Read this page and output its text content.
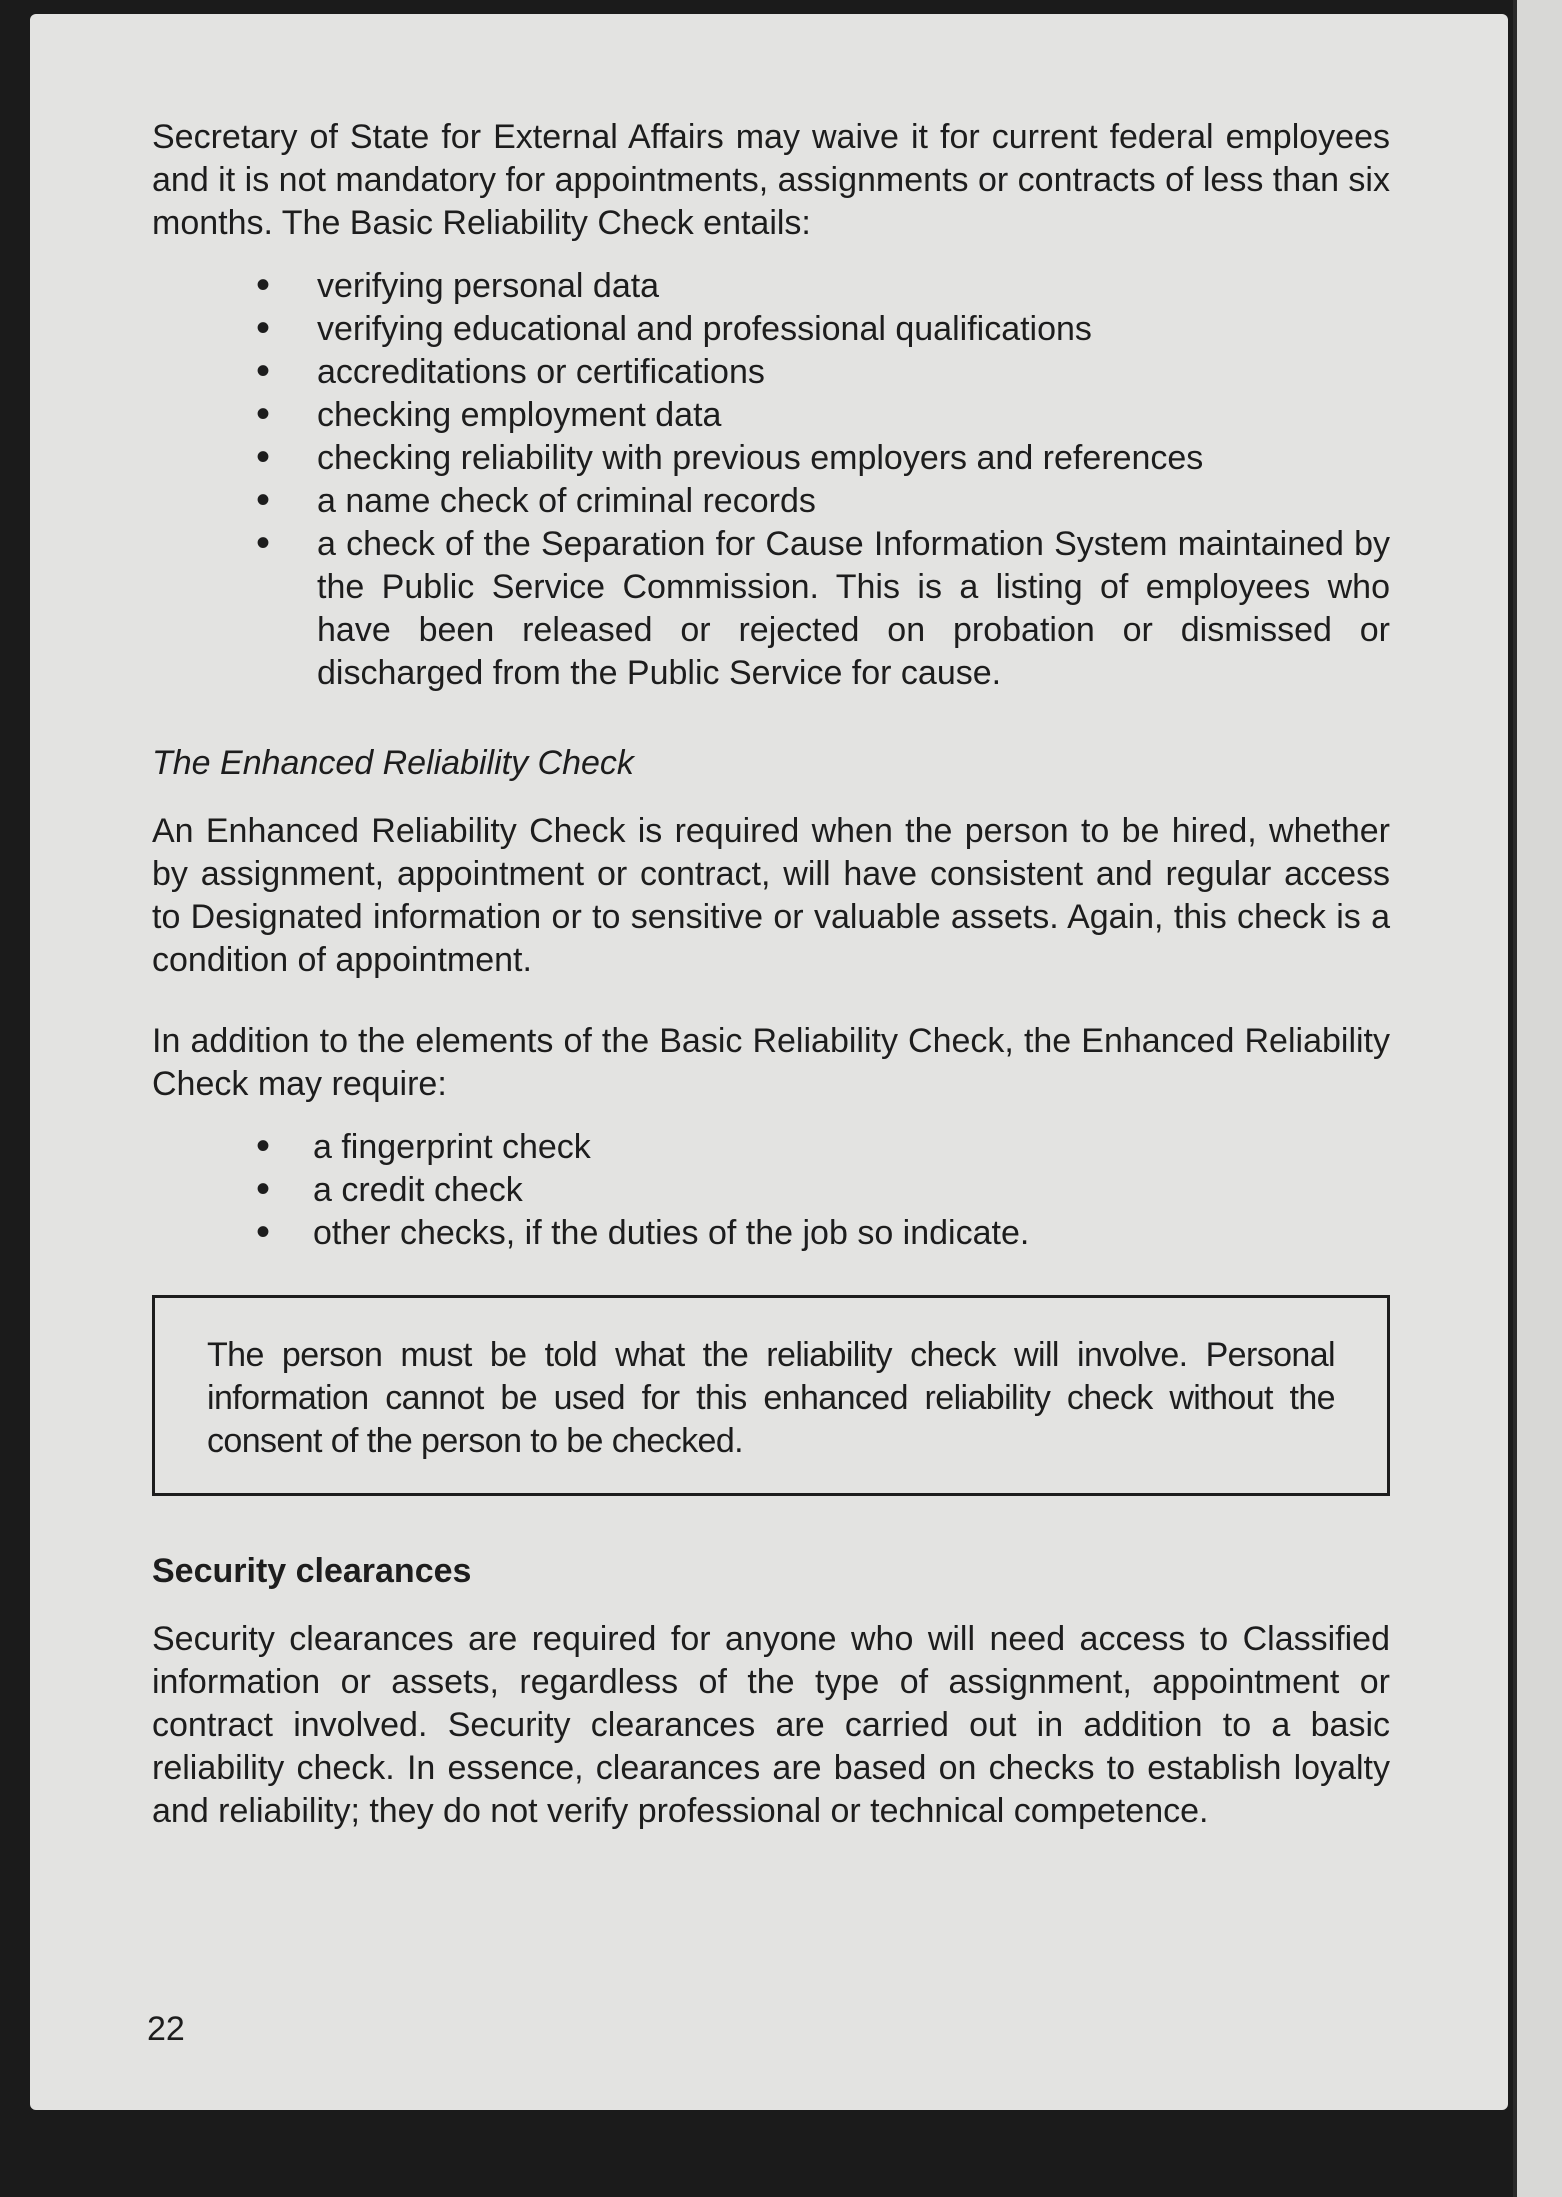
Secretary of State for External Affairs may waive it for current federal employees and it is not mandatory for appointments, assignments or contracts of less than six months. The Basic Reliability Check entails:

• verifying personal data
• verifying educational and professional qualifications
• accreditations or certifications
• checking employment data
• checking reliability with previous employers and references
• a name check of criminal records
• a check of the Separation for Cause Information System maintained by the Public Service Commission. This is a listing of employees who have been released or rejected on probation or dismissed or discharged from the Public Service for cause.

The Enhanced Reliability Check

An Enhanced Reliability Check is required when the person to be hired, whether by assignment, appointment or contract, will have consistent and regular access to Designated information or to sensitive or valuable assets. Again, this check is a condition of appointment.

In addition to the elements of the Basic Reliability Check, the Enhanced Reliability Check may require:

• a fingerprint check
• a credit check
• other checks, if the duties of the job so indicate.

The person must be told what the reliability check will involve. Personal information cannot be used for this enhanced reliability check without the consent of the person to be checked.

Security clearances

Security clearances are required for anyone who will need access to Classified information or assets, regardless of the type of assignment, appointment or contract involved. Security clearances are carried out in addition to a basic reliability check. In essence, clearances are based on checks to establish loyalty and reliability; they do not verify professional or technical competence.

22
